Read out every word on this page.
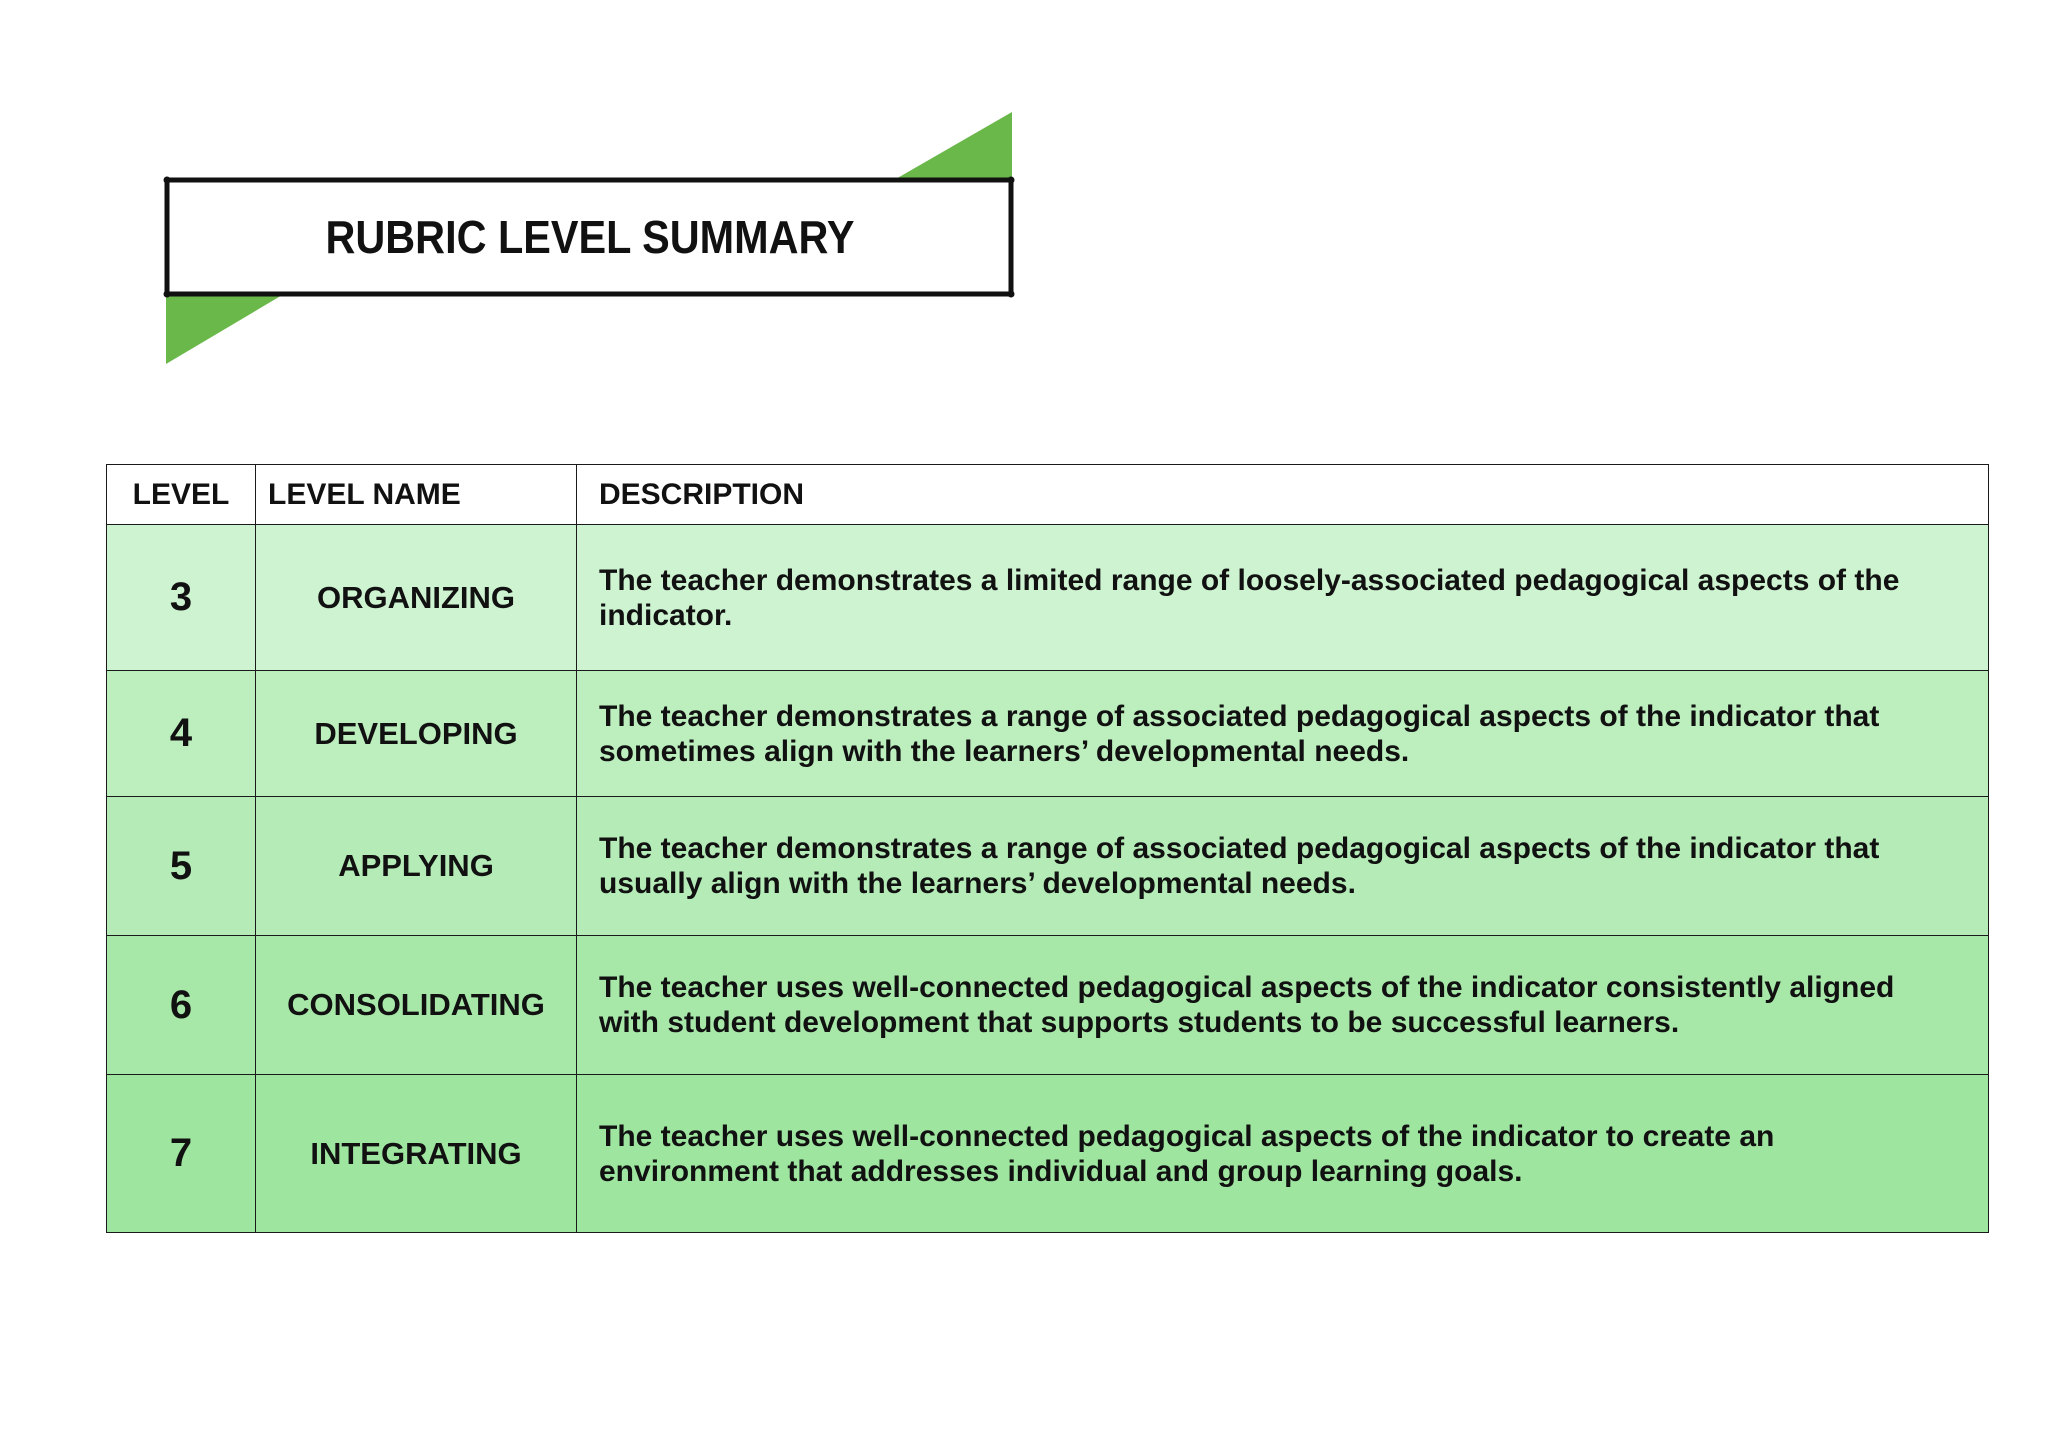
RUBRIC LEVEL SUMMARY
LEVEL	LEVEL NAME	DESCRIPTION
3	ORGANIZING	The teacher demonstrates a limited range of loosely-associated pedagogical aspects of the indicator.
4	DEVELOPING	The teacher demonstrates a range of associated pedagogical aspects of the indicator that sometimes align with the learners’ developmental needs.
5	APPLYING	The teacher demonstrates a range of associated pedagogical aspects of the indicator that usually align with the learners’ developmental needs.
6	CONSOLIDATING	The teacher uses well-connected pedagogical aspects of the indicator consistently aligned with student development that supports students to be successful learners.
7	INTEGRATING	The teacher uses well-connected pedagogical aspects of the indicator to create an environment that addresses individual and group learning goals.
